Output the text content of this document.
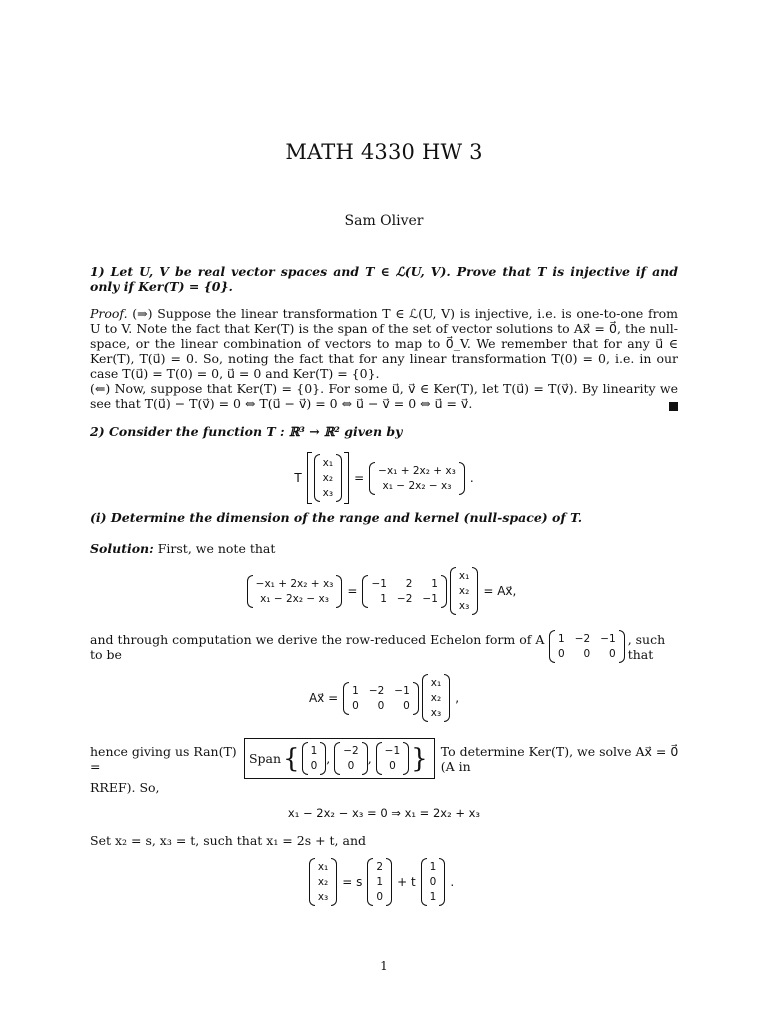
MATH 4330 HW 3
Sam Oliver
1) Let U, V be real vector spaces and T ∈ ℒ(U, V). Prove that T is injective if and only if Ker(T) = {0}.
Proof. (⇒) Suppose the linear transformation T ∈ ℒ(U, V) is injective, i.e. is one-to-one from U to V. Note the fact that Ker(T) is the span of the set of vector solutions to Ax⃗ = 0⃗, the null-space, or the linear combination of vectors to map to 0⃗_V. We remember that for any u⃗ ∈ Ker(T), T(u⃗) = 0. So, noting the fact that for any linear transformation T(0) = 0, i.e. in our case T(u⃗) = T(0) = 0, u⃗ = 0 and Ker(T) = {0}.
(⇐) Now, suppose that Ker(T) = {0}. For some u⃗, v⃗ ∈ Ker(T), let T(u⃗) = T(v⃗). By linearity we see that T(u⃗) − T(v⃗) = 0 ⇔ T(u⃗ − v⃗) = 0 ⇔ u⃗ − v⃗ = 0 ⇔ u⃗ = v⃗.
2) Consider the function T : ℝ³ → ℝ² given by
T
x₁
x₂
x₃
=
−x₁ + 2x₂ + x₃
x₁ − 2x₂ − x₃
.
(i) Determine the dimension of the range and kernel (null-space) of T.
Solution: First, we note that
−x₁ + 2x₂ + x₃
x₁ − 2x₂ − x₃
=
−1	2	1
1 −2 −1
x₁
x₂
x₃
= Ax⃗,
and through computation we derive the row-reduced Echelon form of A to be
1 −2 −1
0	0	0
, such that
Ax⃗ =
1 −2 −1
0	0	0
x₁
x₂
x₃
,
hence giving us Ran(T) =	Span { 1
0 , −2
0	, −1
0 } To determine Ker(T), we solve Ax⃗ = 0⃗ (A in
RREF). So,
x₁ − 2x₂ − x₃ = 0 ⇒ x₁ = 2x₂ + x₃
Set x₂ = s, x₃ = t, such that x₁ = 2s + t, and
x₁
x₂
x₃
= s
2
1
0
+ t
1
0
1
.
1
